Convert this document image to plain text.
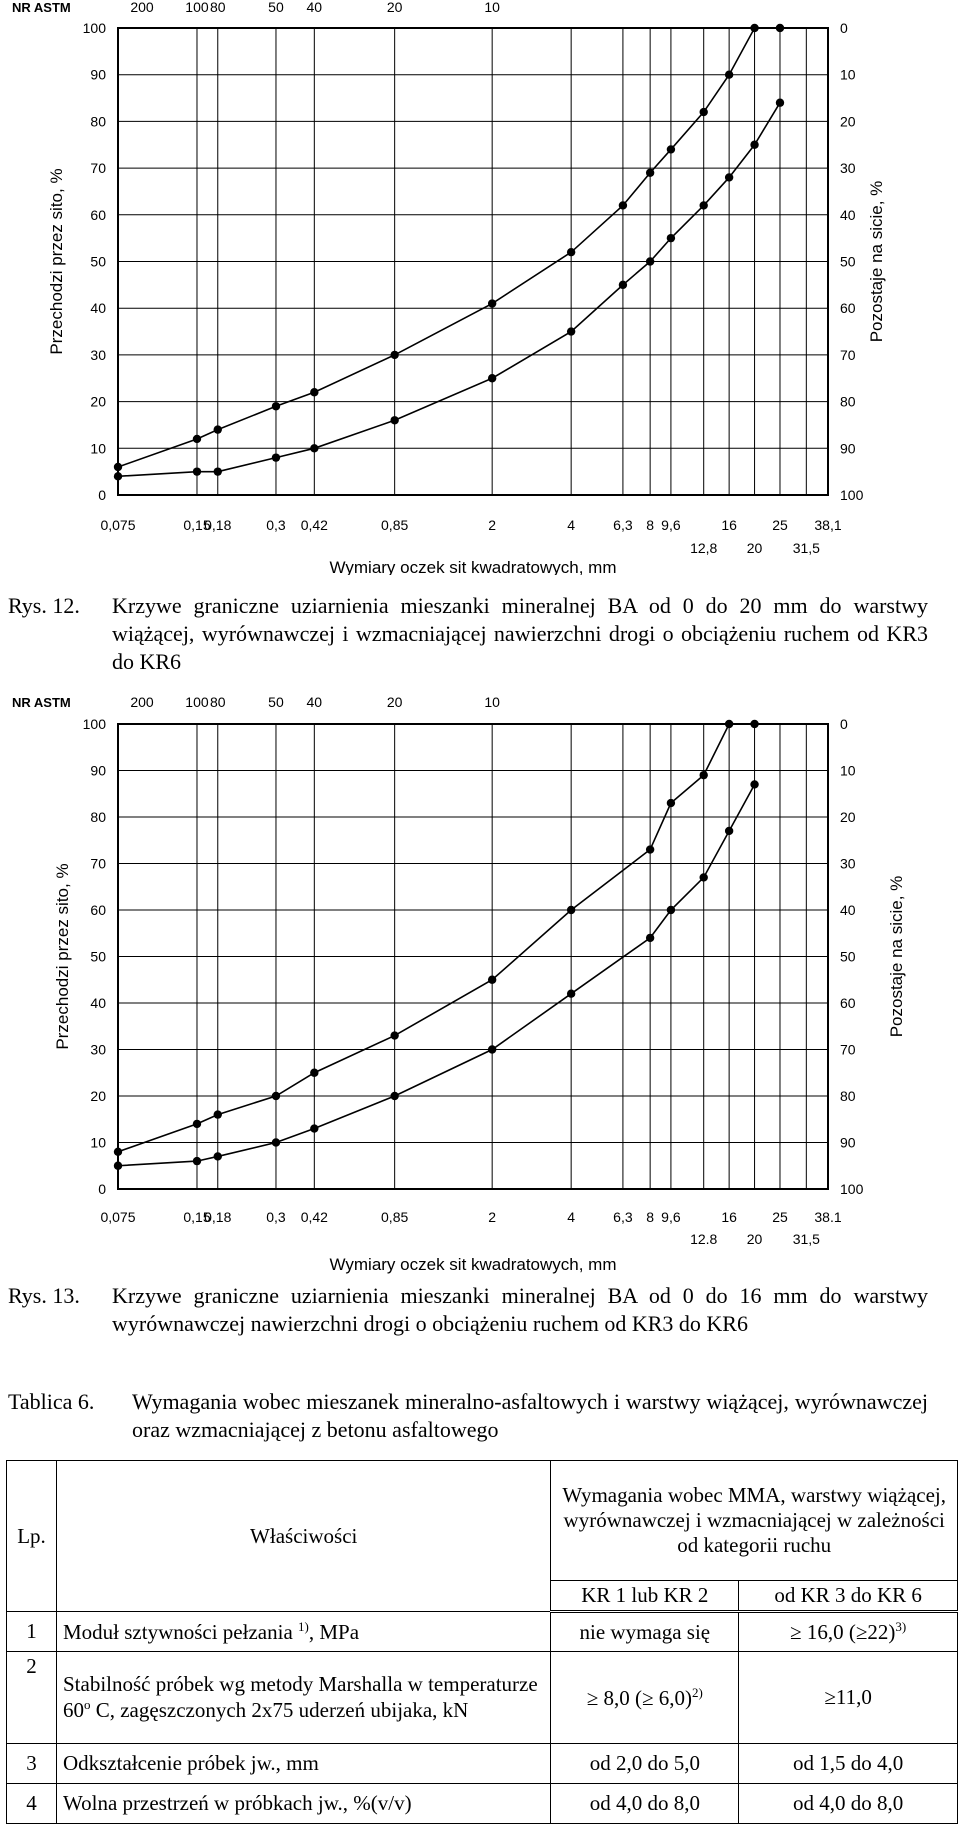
NR ASTM	200 100 80	50 40	20	10
0
10
20
30
40
50
60
70
80
90
100
100
90
80
70
60
50
40
30
20
10
0
0,075	0,15
0,18 0,3 0,42	0,85	2	4	6,3 8 9,6	16	25 38,1
12,8 20 31,5
Wymiary oczek sit kwadratowych, mm
Przechodzi przez sito, %	Pozostaje na sicie, %
Rys. 12. Krzywe graniczne uziarnienia mieszanki mineralnej BA od 0 do 20 mm do warstwy wiążącej, wyrównawczej i wzmacniającej nawierzchni drogi o obciążeniu ruchem od KR3 do KR6
NR ASTM	200 100 80	50 40	20	10
0
10
20
30
40
50
60
70
80
90
100
100
90
80
70
60
50
40
30
20
10
0
0,075	0,15
0,18 0,3 0,42	0,85	2	4	6,3 8 9,6	16	25 38.1
12.8 20 31,5
Wymiary oczek sit kwadratowych, mm
Przechodzi przez sito, %	Pozostaje na sicie, %
Rys. 13. Krzywe graniczne uziarnienia mieszanki mineralnej BA od 0 do 16 mm do warstwy wyrównawczej nawierzchni drogi o obciążeniu ruchem od KR3 do KR6
Tablica 6. Wymagania wobec mieszanek mineralno-asfaltowych i warstwy wiążącej, wyrównawczej oraz wzmacniającej z betonu asfaltowego
Lp.	Właściwości	Wymagania wobec MMA, warstwy wiążącej, wyrównawczej i wzmacniającej w zależności od kategorii ruchu	
		KR 1 lub KR 2	od KR 3 do KR 6
1	Moduł sztywności pełzania $^{1)}$, MPa	nie wymaga się	≥ 16,0 (≥22)$^{3)}$
2	Stabilność próbek wg metody Marshalla w temperaturze 60$^o$ C, zagęszczonych 2x75 uderzeń ubijaka, kN	≥ 8,0 (≥ 6,0)$^{2)}$	≥11,0
3	Odkształcenie próbek jw., mm	od 2,0 do 5,0	od 1,5 do 4,0
4	Wolna przestrzeń w próbkach jw., %(v/v)	od 4,0 do 8,0	od 4,0 do 8,0
